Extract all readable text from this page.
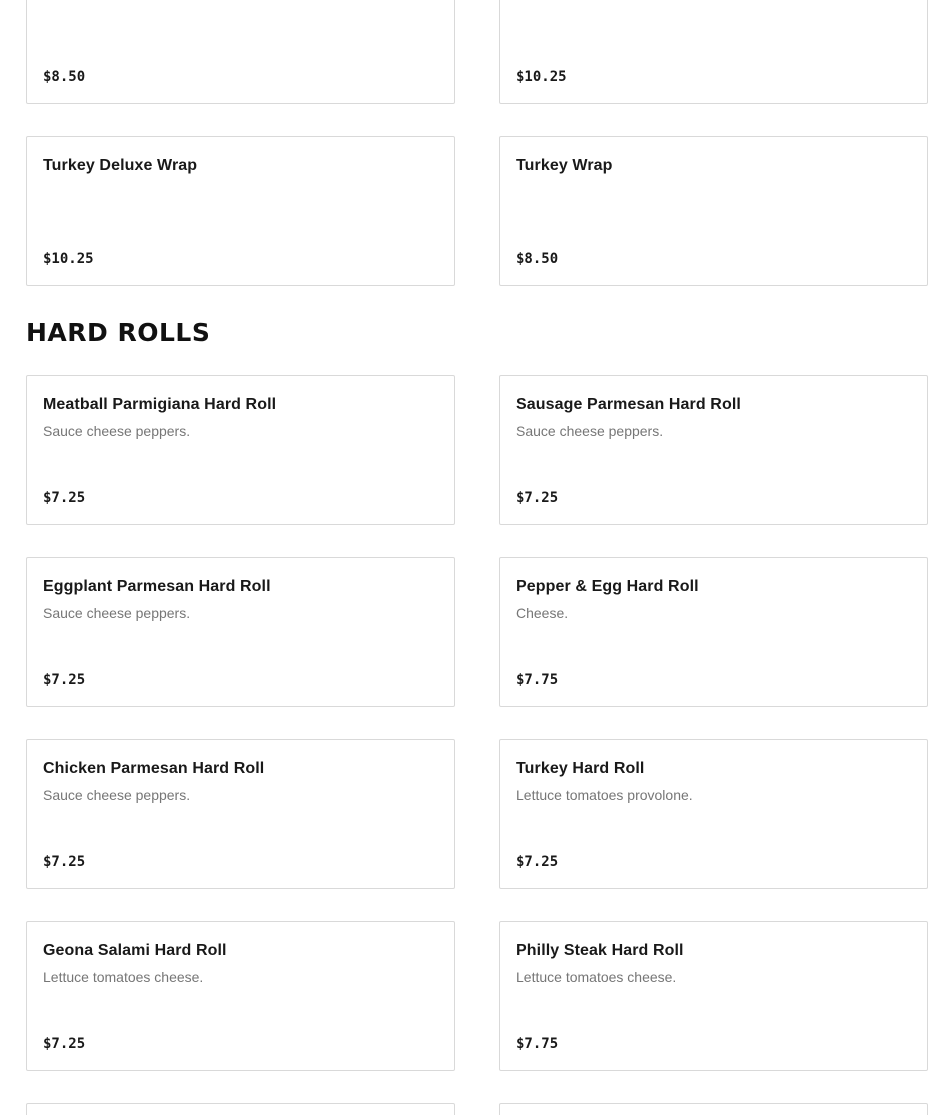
$8.50	$10.25
Turkey Deluxe Wrap
$10.25
Turkey Wrap
$8.50
HARD ROLLS
Meatball Parmigiana Hard Roll
Sauce cheese peppers.
$7.25
Sausage Parmesan Hard Roll
Sauce cheese peppers.
$7.25
Eggplant Parmesan Hard Roll
Sauce cheese peppers.
$7.25
Pepper & Egg Hard Roll
Cheese.
$7.75
Chicken Parmesan Hard Roll
Sauce cheese peppers.
$7.25
Turkey Hard Roll
Lettuce tomatoes provolone.
$7.25
Geona Salami Hard Roll
Lettuce tomatoes cheese.
$7.25
Philly Steak Hard Roll
Lettuce tomatoes cheese.
$7.75
